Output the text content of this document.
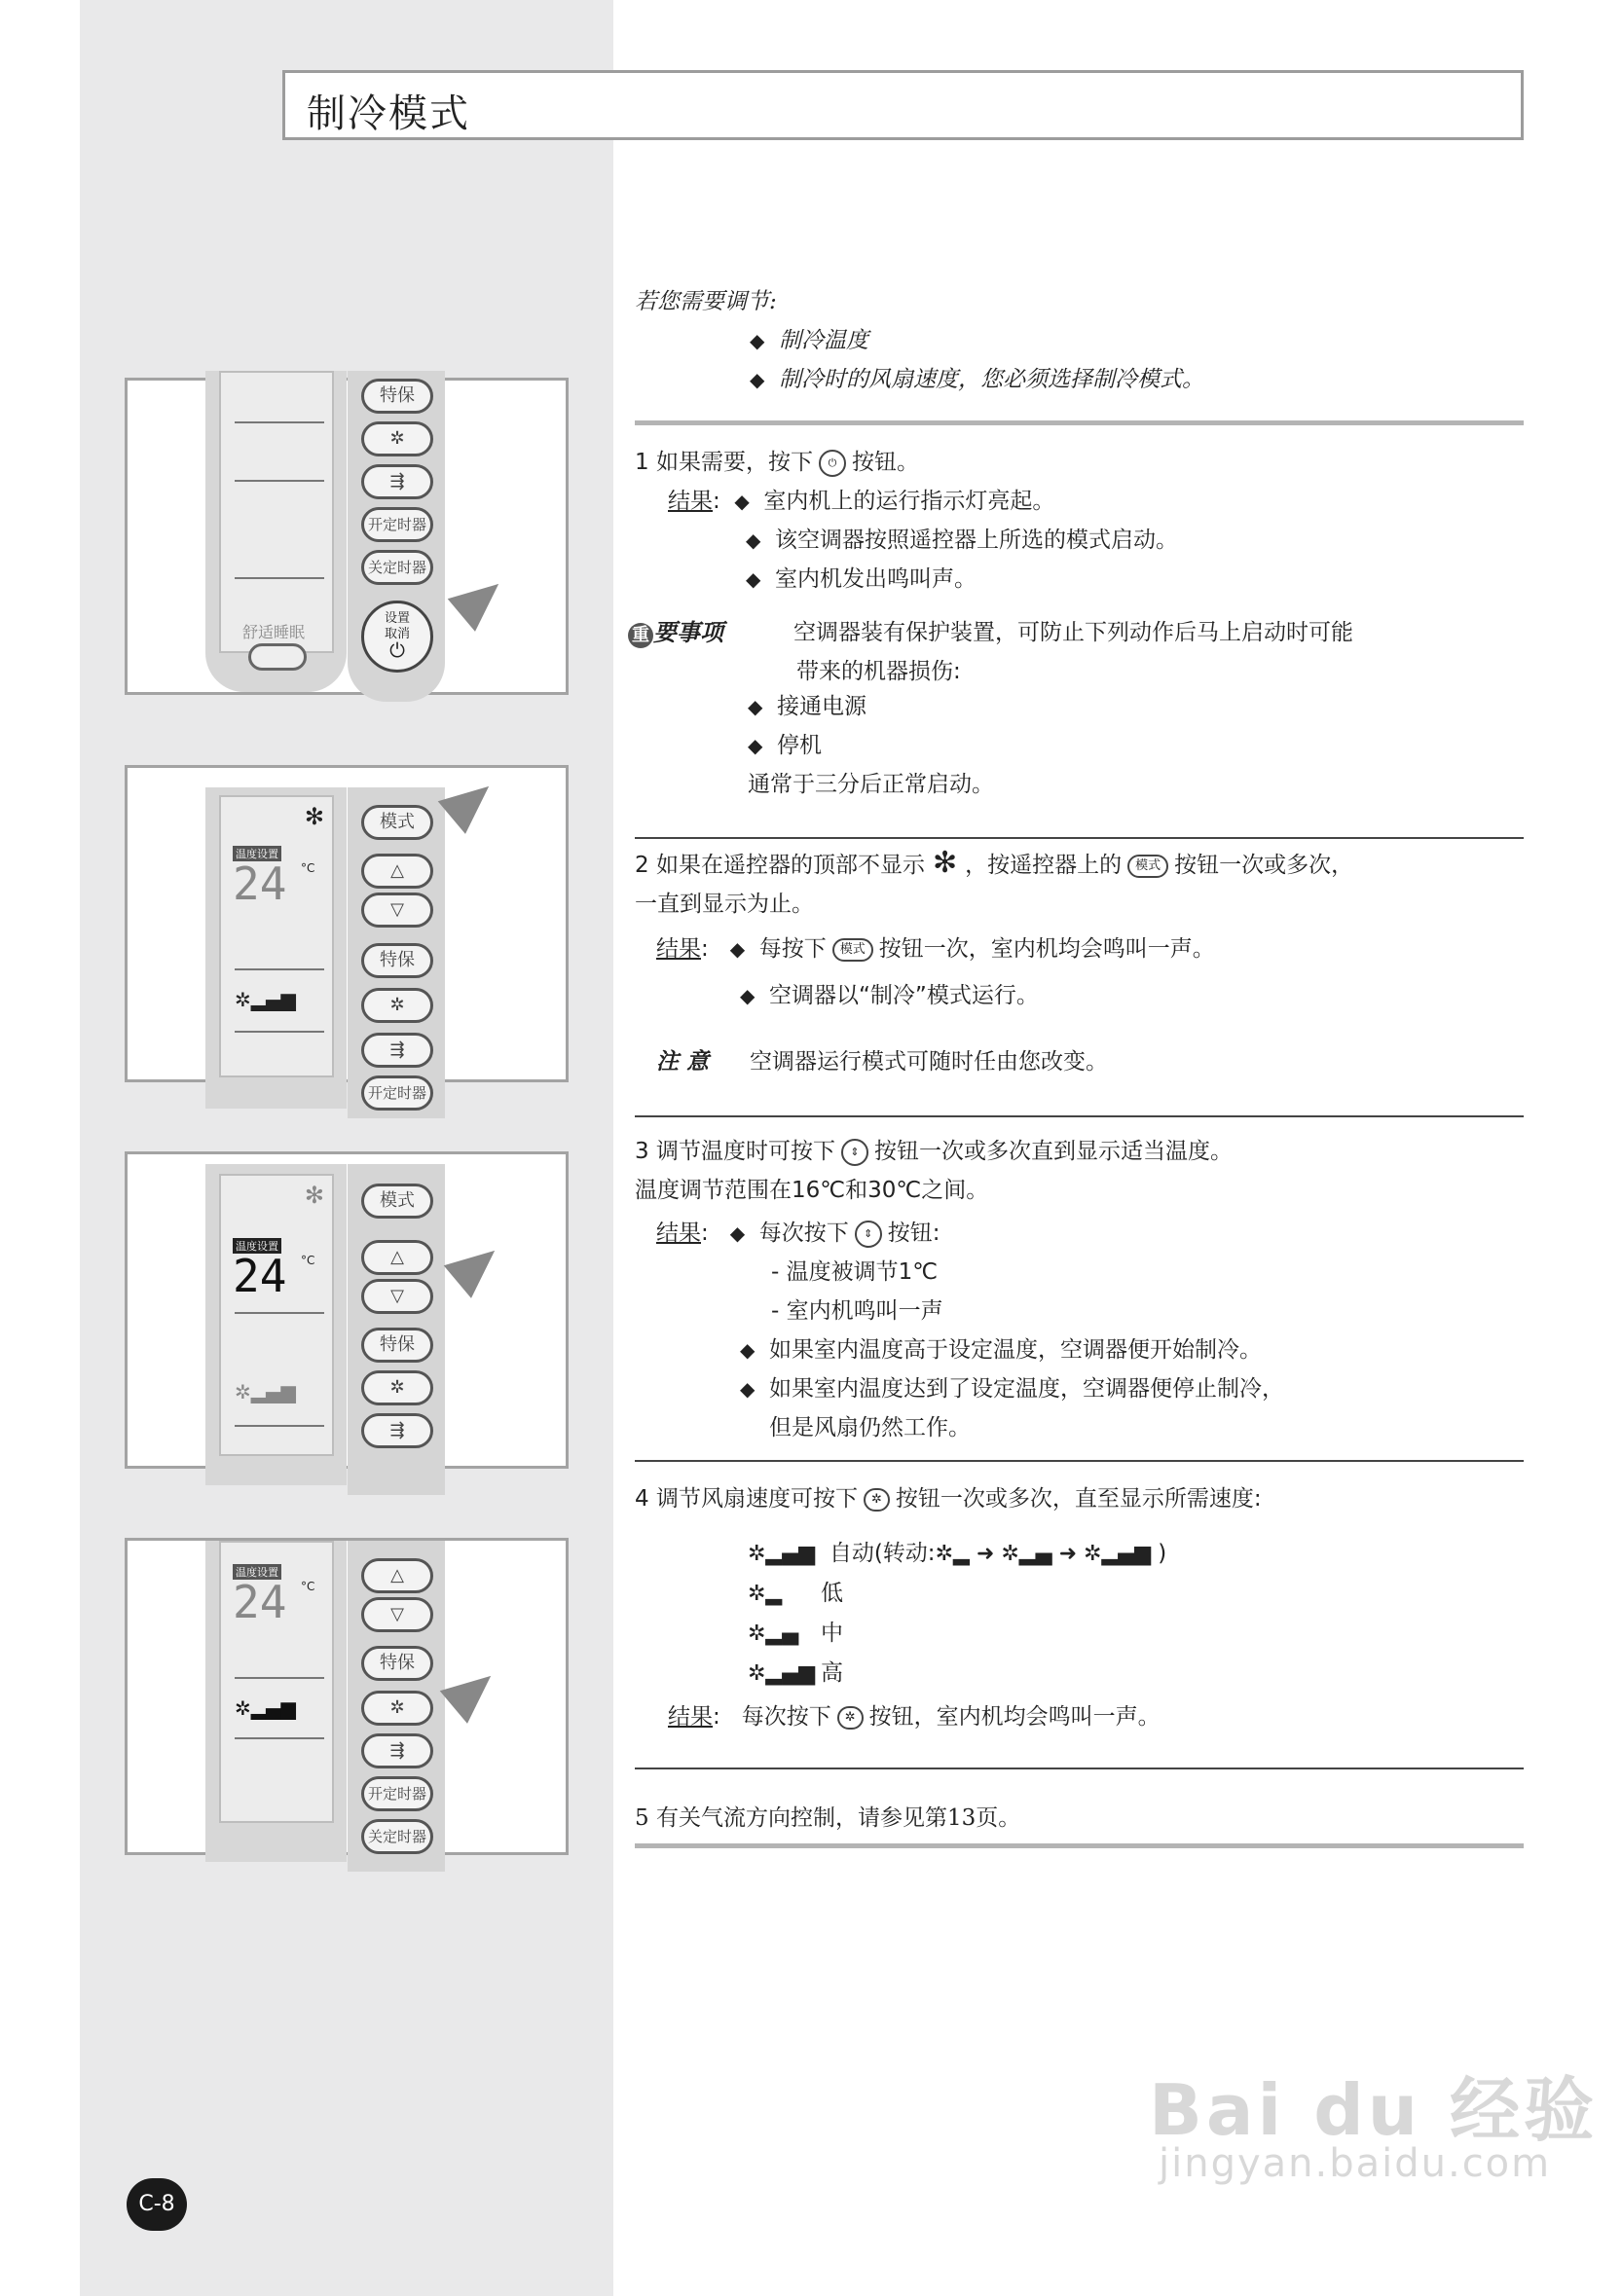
制冷模式
若您需要调节:
◆ 制冷温度
◆ 制冷时的风扇速度，您必须选择制冷模式。
1 如果需要，按下 ⏻ 按钮。
结果:  ◆ 室内机上的运行指示灯亮起。
◆ 该空调器按照遥控器上所选的模式启动。
◆ 室内机发出鸣叫声。
重 要事项	空调器装有保护装置，可防止下列动作后马上启动时可能
带来的机器损伤:
◆ 接通电源
◆ 停机
通常于三分后正常启动。
2 如果在遥控器的顶部不显示 ✻ ，按遥控器上的 模式 按钮一次或多次，
一直到显示为止。
结果:   ◆ 每按下 模式 按钮一次，室内机均会鸣叫一声。
◆ 空调器以“制冷”模式运行。
注 意 空调器运行模式可随时任由您改变。
3 调节温度时可按下 ⇕ 按钮一次或多次直到显示适当温度。
温度调节范围在16℃和30℃之间。
结果:   ◆ 每次按下 ⇕ 按钮:
- 温度被调节1℃
- 室内机鸣叫一声
◆ 如果室内温度高于设定温度，空调器便开始制冷。
◆ 如果室内温度达到了设定温度，空调器便停止制冷，
但是风扇仍然工作。
4 调节风扇速度可按下 ✲ 按钮一次或多次，直至显示所需速度:
✲▂▄▆ 自动(转动:✲▂ ➜ ✲▂▄ ➜ ✲▂▄▆ )
✲▂ 低
✲▂▄ 中
✲▂▄▆ 高
结果:   每次按下 ✲ 按钮，室内机均会鸣叫一声。
5 有关气流方向控制，请参见第13页。
舒适睡眠
特保
✲
⇶
开定时器
关定时器
设置
取消
⏻
✻
温度设置
24 °C
✲▂▄▆
模式
△
▽
特保
✲
⇶
开定时器
✻
温度设置
24 °C
✲▂▄▆
模式
△
▽
特保
✲
⇶
温度设置
24 °C
✲▂▄▆
△
▽
特保
✲
⇶
开定时器
关定时器
C-8
Bai du 经验
jingyan.baidu.com
